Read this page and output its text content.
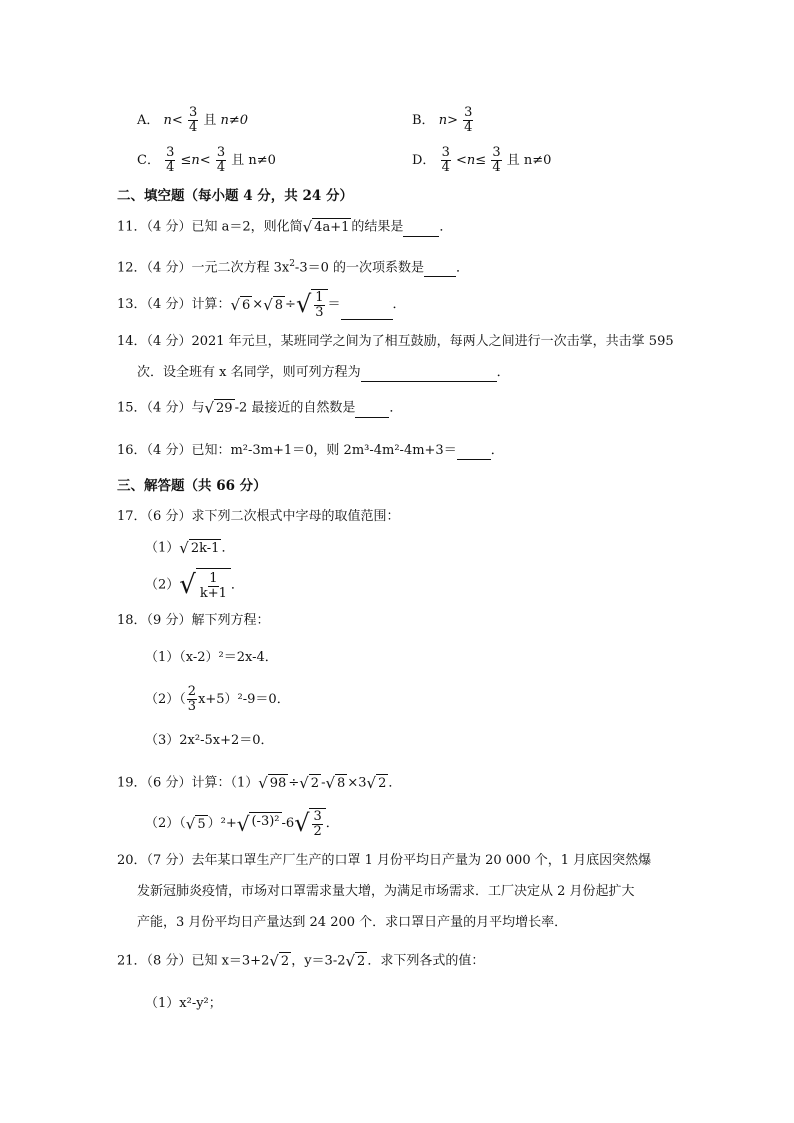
A． $n< \frac{3}{4}$ 且 n≠0	B． $n> \frac{3}{4}$
C． $\frac{3}{4} \le n< \frac{3}{4}$ 且 n≠0	D． $\frac{3}{4} <n\le \frac{3}{4}$ 且 n≠0
二、填空题（每小题 4 分，共 24 分）
11．（4 分）已知 a＝2，则化简 √ 4a+1 的结果是	．
12．（4 分）一元二次方程 $3x^2-3=0$ 的一次项系数是 ．
13．（4 分）计算： √ 6 × √ 8 ÷ √ $\frac{1}{3}$ ＝	．
14．（4 分）2021 年元旦，某班同学之间为了相互鼓励，每两人之间进行一次击掌，共击掌 595
次．设全班有 x 名同学，则可列方程为	．
15．（4 分）与 √ 29 -2 最接近的自然数是	．
16．（4 分）已知：m²-3m+1＝0，则 2m³-4m²-4m+3＝	．
三、解答题（共 66 分）
17．（6 分）求下列二次根式中字母的取值范围：
（1） √ 2k-1 ．
（2） √ $\frac{1}{k+1}$ ．
18．（9 分）解下列方程：
（1）（x-2）²＝2x-4．
$(2)( \frac{2}{3} x+5)^2-9=0$．
（3）2x²-5x+2＝0．
19．（6 分）计算：（1） √ 98 ÷ √ 2 - √ 8 ×3 √ 2 ．
（2）（ √ 5 ）²+ √ (-3)² -6 √ $\frac{3}{2}$ ．
20．（7 分）去年某口罩生产厂生产的口罩 1 月份平均日产量为 20 000 个，1 月底因突然爆
发新冠肺炎疫情，市场对口罩需求量大增，为满足市场需求．工厂决定从 2 月份起扩大
产能，3 月份平均日产量达到 24 200 个．求口罩日产量的月平均增长率．
21．（8 分）已知 x＝3+2 √ 2 ，y＝3-2 √ 2 ．求下列各式的值：
（1）x²-y²；
